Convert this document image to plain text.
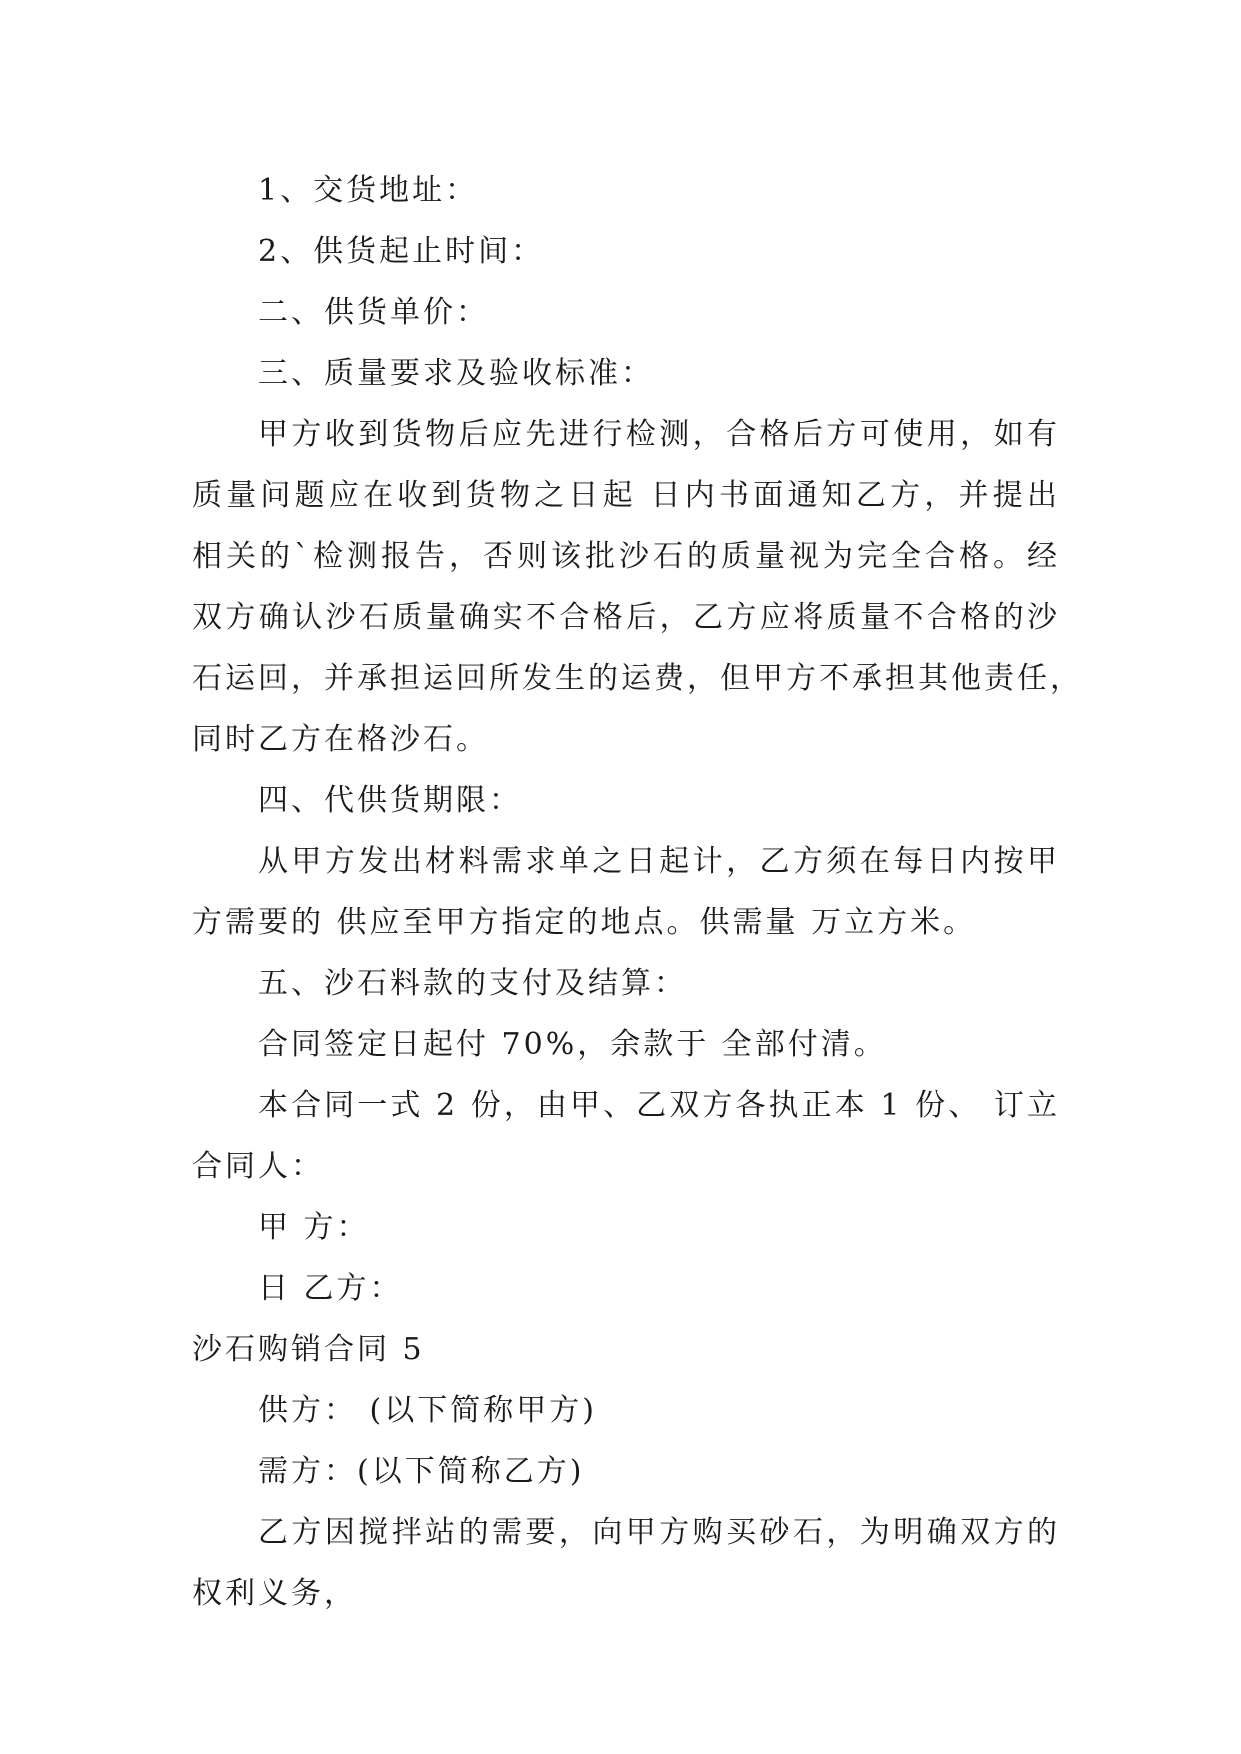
1、交货地址：
2、供货起止时间：
二、供货单价：
三、质量要求及验收标准：
甲方收到货物后应先进行检测，合格后方可使用，如有
质量问题应在收到货物之日起 日内书面通知乙方，并提出
相关的`检测报告，否则该批沙石的质量视为完全合格。经
双方确认沙石质量确实不合格后，乙方应将质量不合格的沙
石运回，并承担运回所发生的运费，但甲方不承担其他责任，
同时乙方在格沙石。
四、代供货期限：
从甲方发出材料需求单之日起计，乙方须在每日内按甲
方需要的 供应至甲方指定的地点。供需量 万立方米。
五、沙石料款的支付及结算：
合同签定日起付 70%，余款于 全部付清。
本合同一式 2 份，由甲、乙双方各执正本 1 份、 订立
合同人：
甲 方：
日 乙方：
沙石购销合同 5
供方： (以下简称甲方)
需方：(以下简称乙方)
乙方因搅拌站的需要，向甲方购买砂石，为明确双方的
权利义务，
